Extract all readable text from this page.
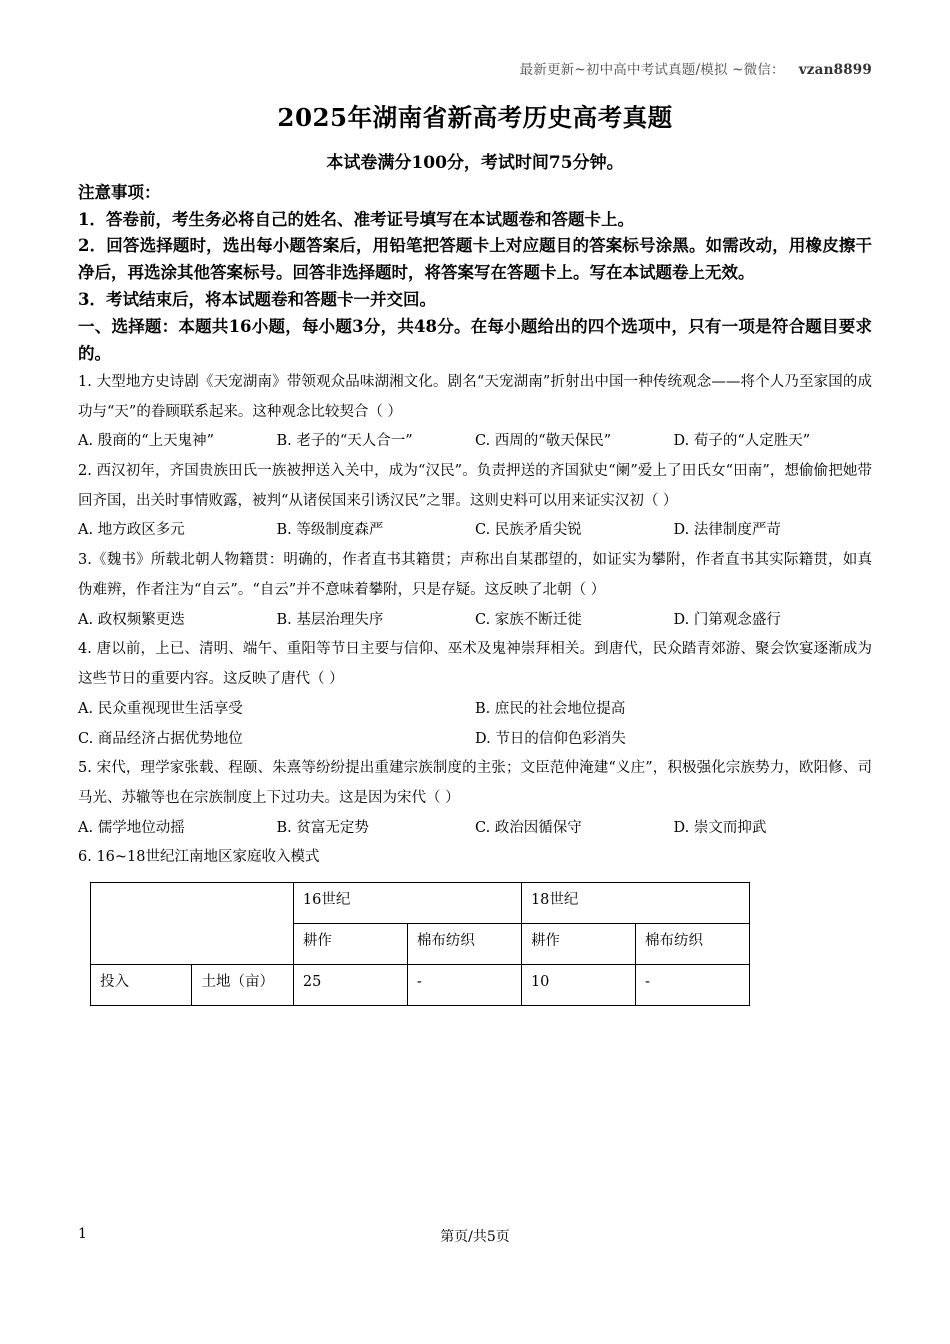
最新更新~初中高中考试真题/模拟 ~微信： vzan8899
2025年湖南省新高考历史高考真题
本试卷满分100分，考试时间75分钟。
注意事项：

1．答卷前，考生务必将自己的姓名、准考证号填写在本试题卷和答题卡上。

2．回答选择题时，选出每小题答案后，用铅笔把答题卡上对应题目的答案标号涂黑。如需改动，用橡皮擦干净后，再选涂其他答案标号。回答非选择题时，将答案写在答题卡上。写在本试题卷上无效。

3．考试结束后，将本试题卷和答题卡一并交回。

一、选择题：本题共16小题，每小题3分，共48分。在每小题给出的四个选项中，只有一项是符合题目要求的。

1. 大型地方史诗剧《天宠湖南》带领观众品味湖湘文化。剧名“天宠湖南”折射出中国一种传统观念——将个人乃至家国的成功与“天”的眷顾联系起来。这种观念比较契合（ ）

A. 殷商的“上天鬼神”	B. 老子的“天人合一”	C. 西周的“敬天保民”	D. 荀子的“人定胜天”

2. 西汉初年，齐国贵族田氏一族被押送入关中，成为“汉民”。负责押送的齐国狱史“阑”爱上了田氏女“田南”，想偷偷把她带回齐国，出关时事情败露，被判“从诸侯国来引诱汉民”之罪。这则史料可以用来证实汉初（ ）

A. 地方政区多元	B. 等级制度森严	C. 民族矛盾尖锐	D. 法律制度严苛

3.《魏书》所载北朝人物籍贯：明确的，作者直书其籍贯；声称出自某郡望的，如证实为攀附，作者直书其实际籍贯，如真伪难辨，作者注为“自云”。“自云”并不意味着攀附，只是存疑。这反映了北朝（ ）

A. 政权频繁更迭	B. 基层治理失序	C. 家族不断迁徙	D. 门第观念盛行

4. 唐以前，上已、清明、端午、重阳等节日主要与信仰、巫术及鬼神崇拜相关。到唐代，民众踏青郊游、聚会饮宴逐渐成为这些节日的重要内容。这反映了唐代（ ）

A. 民众重视现世生活享受	B. 庶民的社会地位提高
C. 商品经济占据优势地位	D. 节日的信仰色彩消失

5. 宋代，理学家张载、程颐、朱熹等纷纷提出重建宗族制度的主张；文臣范仲淹建“义庄”，积极强化宗族势力，欧阳修、司马光、苏辙等也在宗族制度上下过功夫。这是因为宋代（ ）

A. 儒学地位动摇	B. 贫富无定势	C. 政治因循保守	D. 崇文而抑武

6. 16~18世纪江南地区家庭收入模式

		16世纪		18世纪	
		耕作	棉布纺织	耕作	棉布纺织
投入	土地（亩）	25	-	10	-
1	第页/共5页
